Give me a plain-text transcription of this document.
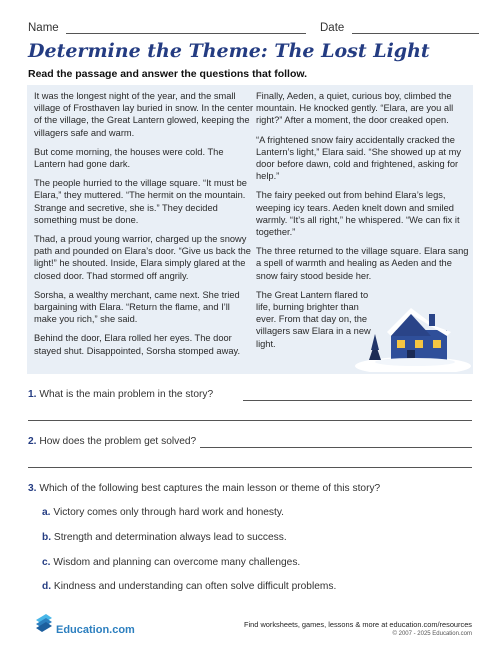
Name	Date
Determine the Theme: The Lost Light
Read the passage and answer the questions that follow.

It was the longest night of the year, and the small village of Frosthaven lay buried in snow. In the center of the village, the Great Lantern glowed, keeping the villagers safe and warm.

But come morning, the houses were cold. The Lantern had gone dark.

The people hurried to the village square. “It must be Elara,” they muttered. “The hermit on the mountain. Strange and secretive, she is.” They decided something must be done.

Thad, a proud young warrior, charged up the snowy path and pounded on Elara’s door. “Give us back the light!” he shouted. Inside, Elara simply glared at the closed door. Thad stormed off angrily.

Sorsha, a wealthy merchant, came next. She tried bargaining with Elara. “Return the flame, and I’ll make you rich,” she said.

Behind the door, Elara rolled her eyes. The door stayed shut. Disappointed, Sorsha stomped away.

Finally, Aeden, a quiet, curious boy, climbed the mountain. He knocked gently. “Elara, are you all right?” After a moment, the door creaked open.

“A frightened snow fairy accidentally cracked the Lantern’s light,” Elara said. “She showed up at my door before dawn, cold and frightened, asking for help.”

The fairy peeked out from behind Elara’s legs, weeping icy tears. Aeden knelt down and smiled warmly. “It’s all right,” he whispered. “We can fix it together.”

The three returned to the village square. Elara sang a spell of warmth and healing as Aeden and the snow fairy stood beside her.

The Great Lantern flared to life, burning brighter than ever. From that day on, the villagers saw Elara in a new light.

1. What is the main problem in the story?
2. How does the problem get solved?
3. Which of the following best captures the main lesson or theme of this story?
a. Victory comes only through hard work and honesty.
b. Strength and determination always lead to success.
c. Wisdom and planning can overcome many challenges.
d. Kindness and understanding can often solve difficult problems.
Education.com	Find worksheets, games, lessons & more at education.com/resources
© 2007 - 2025 Education.com
